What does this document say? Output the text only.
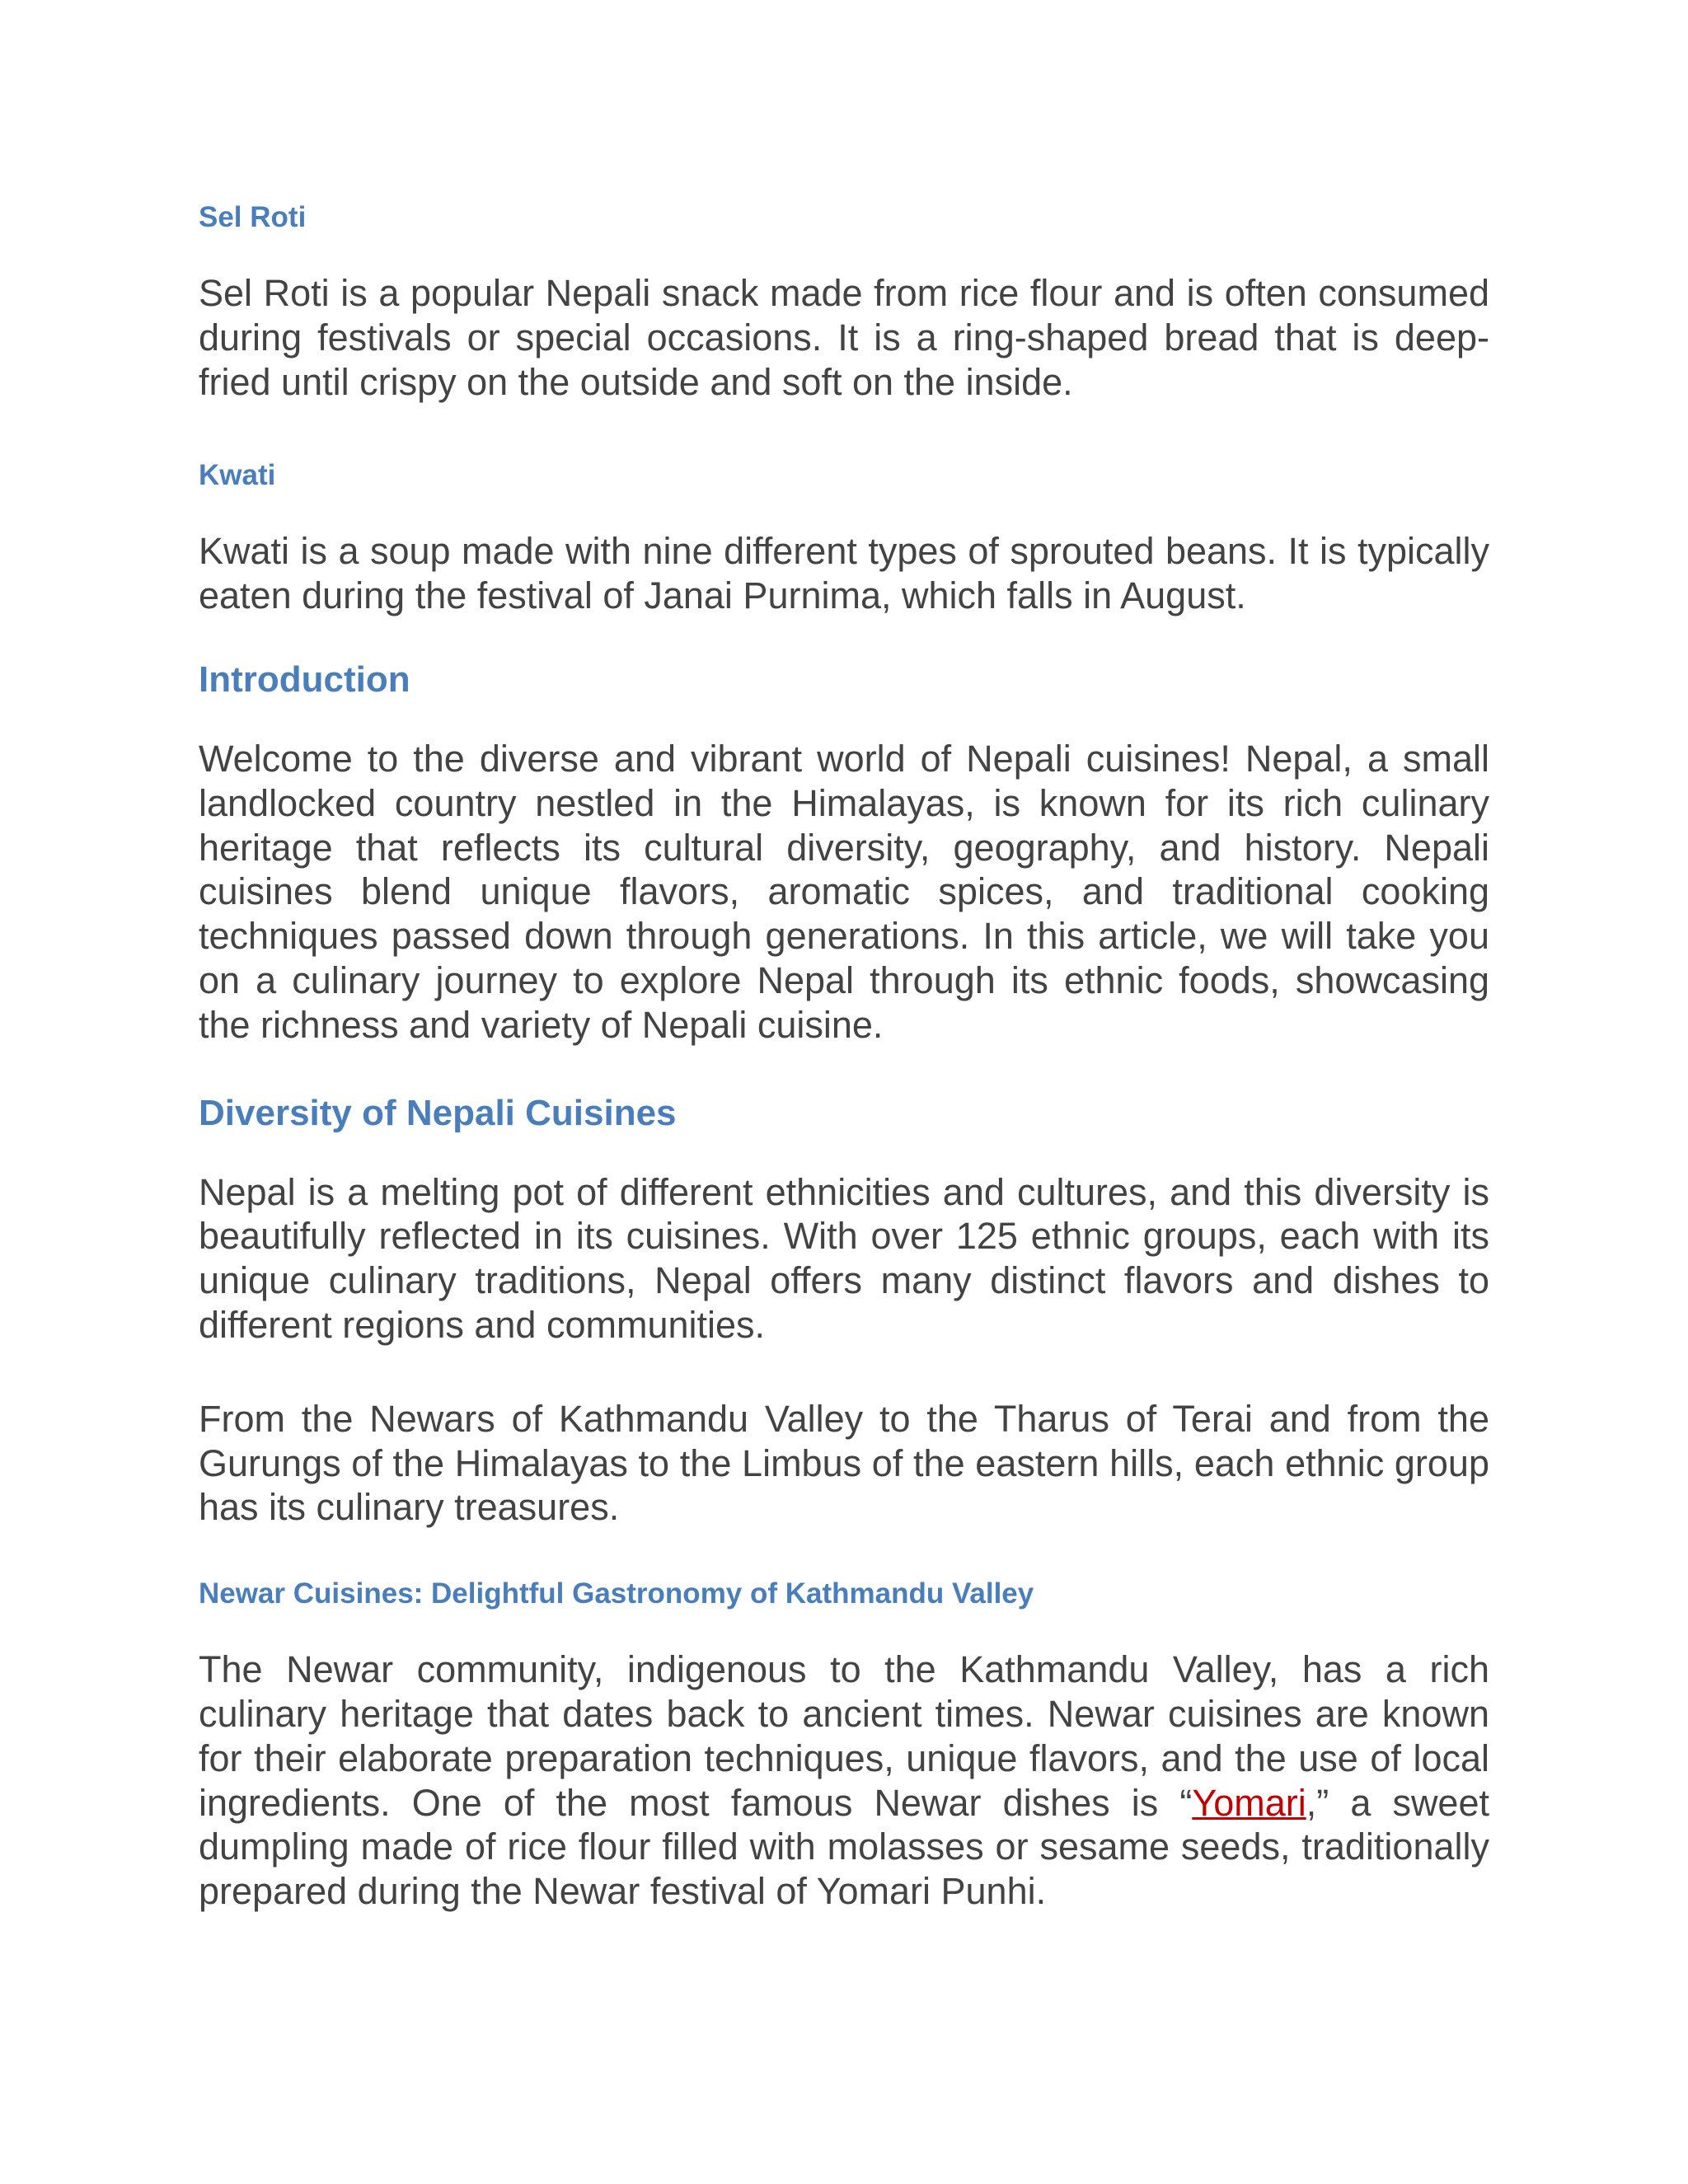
Sel Roti

Sel Roti is a popular Nepali snack made from rice flour and is often consumed during festivals or special occasions. It is a ring-shaped bread that is deep-fried until crispy on the outside and soft on the inside.

Kwati

Kwati is a soup made with nine different types of sprouted beans. It is typically eaten during the festival of Janai Purnima, which falls in August.

Introduction

Welcome to the diverse and vibrant world of Nepali cuisines! Nepal, a small landlocked country nestled in the Himalayas, is known for its rich culinary heritage that reflects its cultural diversity, geography, and history. Nepali cuisines blend unique flavors, aromatic spices, and traditional cooking techniques passed down through generations. In this article, we will take you on a culinary journey to explore Nepal through its ethnic foods, showcasing the richness and variety of Nepali cuisine.

Diversity of Nepali Cuisines

Nepal is a melting pot of different ethnicities and cultures, and this diversity is beautifully reflected in its cuisines. With over 125 ethnic groups, each with its unique culinary traditions, Nepal offers many distinct flavors and dishes to different regions and communities.

From the Newars of Kathmandu Valley to the Tharus of Terai and from the Gurungs of the Himalayas to the Limbus of the eastern hills, each ethnic group has its culinary treasures.

Newar Cuisines: Delightful Gastronomy of Kathmandu Valley

The Newar community, indigenous to the Kathmandu Valley, has a rich culinary heritage that dates back to ancient times. Newar cuisines are known for their elaborate preparation techniques, unique flavors, and the use of local ingredients. One of the most famous Newar dishes is “Yomari,” a sweet dumpling made of rice flour filled with molasses or sesame seeds, traditionally prepared during the Newar festival of Yomari Punhi.
